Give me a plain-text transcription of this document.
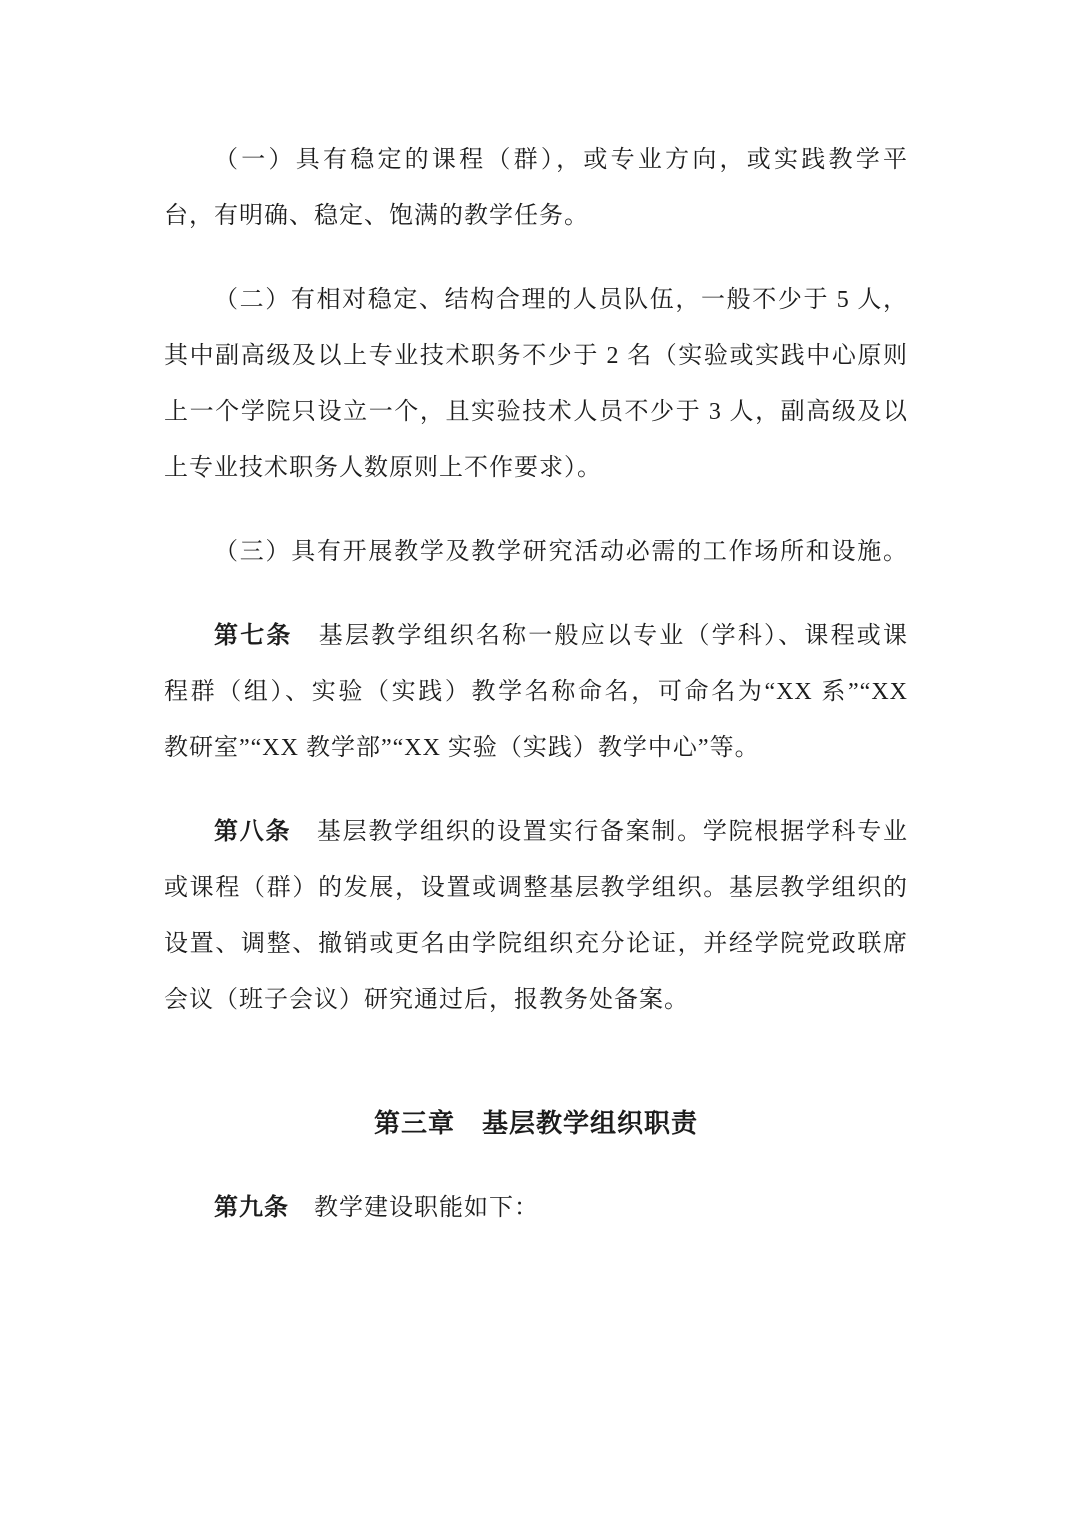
（一）具有稳定的课程（群），或专业方向，或实践教学平
台，有明确、稳定、饱满的教学任务。
（二）有相对稳定、结构合理的人员队伍，一般不少于 5 人，
其中副高级及以上专业技术职务不少于 2 名（实验或实践中心原则
上一个学院只设立一个，且实验技术人员不少于 3 人，副高级及以
上专业技术职务人数原则上不作要求）。
（三）具有开展教学及教学研究活动必需的工作场所和设施。
第七条　基层教学组织名称一般应以专业（学科）、课程或课
程群（组）、实验（实践）教学名称命名，可命名为“XX 系”“XX
教研室”“XX 教学部”“XX 实验（实践）教学中心”等。
第八条　基层教学组织的设置实行备案制。学院根据学科专业
或课程（群）的发展，设置或调整基层教学组织。基层教学组织的
设置、调整、撤销或更名由学院组织充分论证，并经学院党政联席
会议（班子会议）研究通过后，报教务处备案。
第三章　基层教学组织职责
第九条　教学建设职能如下：
